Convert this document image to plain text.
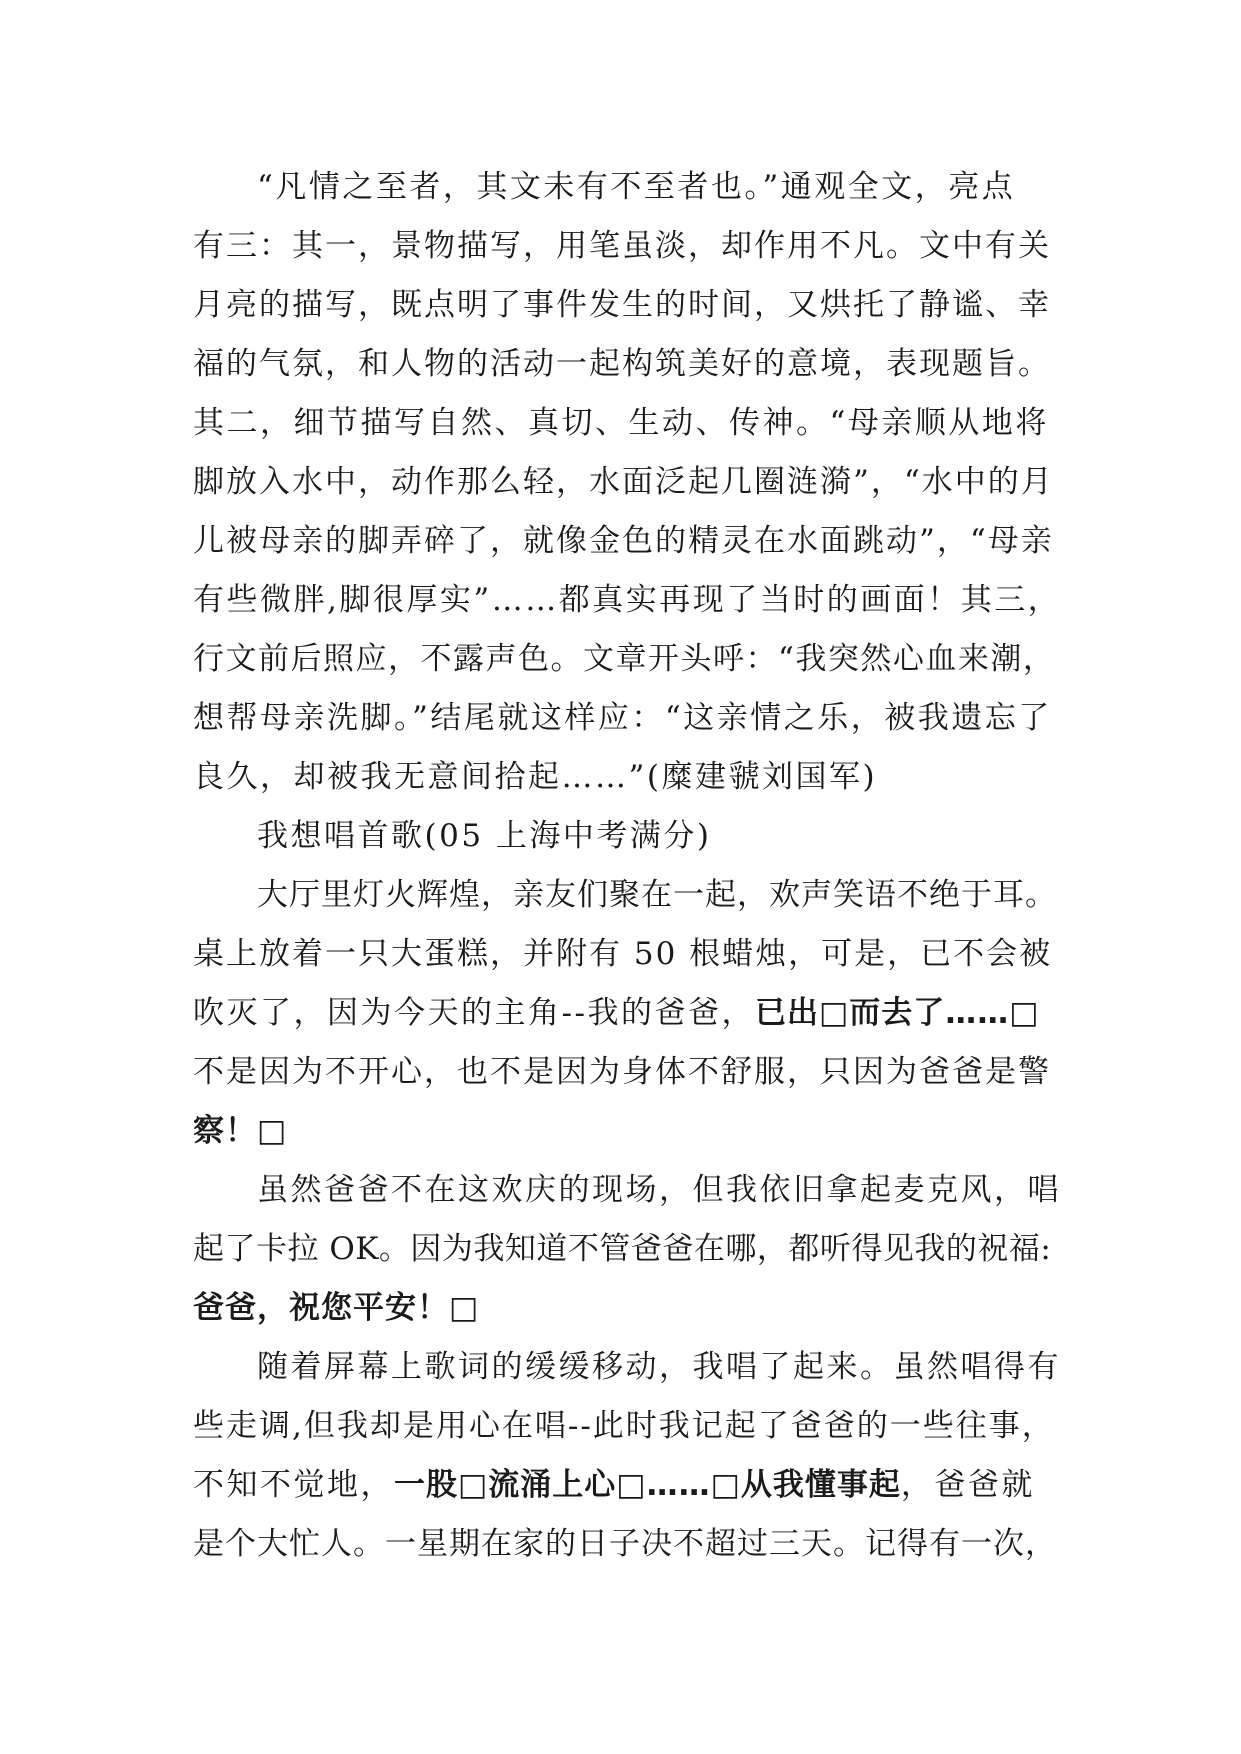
“凡情之至者，其文未有不至者也。”通观全文，亮点
有三：其一，景物描写，用笔虽淡，却作用不凡。文中有关
月亮的描写，既点明了事件发生的时间，又烘托了静谧、幸
福的气氛，和人物的活动一起构筑美好的意境，表现题旨。
其二，细节描写自然、真切、生动、传神。“母亲顺从地将
脚放入水中，动作那么轻，水面泛起几圈涟漪”，“水中的月
儿被母亲的脚弄碎了，就像金色的精灵在水面跳动”，“母亲
有些微胖,脚很厚实”……都真实再现了当时的画面！其三，
行文前后照应，不露声色。文章开头呼：“我突然心血来潮，
想帮母亲洗脚。”结尾就这样应：“这亲情之乐，被我遗忘了
良久，却被我无意间拾起……”(糜建虢刘国军)
我想唱首歌(05 上海中考满分)
大厅里灯火辉煌，亲友们聚在一起，欢声笑语不绝于耳。
桌上放着一只大蛋糕，并附有 50 根蜡烛，可是，已不会被
吹灭了，因为今天的主角--我的爸爸，已出□而去了……□
不是因为不开心，也不是因为身体不舒服，只因为爸爸是警
察！□
虽然爸爸不在这欢庆的现场，但我依旧拿起麦克风，唱
起了卡拉 OK。因为我知道不管爸爸在哪，都听得见我的祝福:
爸爸，祝您平安！□
随着屏幕上歌词的缓缓移动，我唱了起来。虽然唱得有
些走调,但我却是用心在唱--此时我记起了爸爸的一些往事，
不知不觉地，一股□流涌上心□……□从我懂事起，爸爸就
是个大忙人。一星期在家的日子决不超过三天。记得有一次，
